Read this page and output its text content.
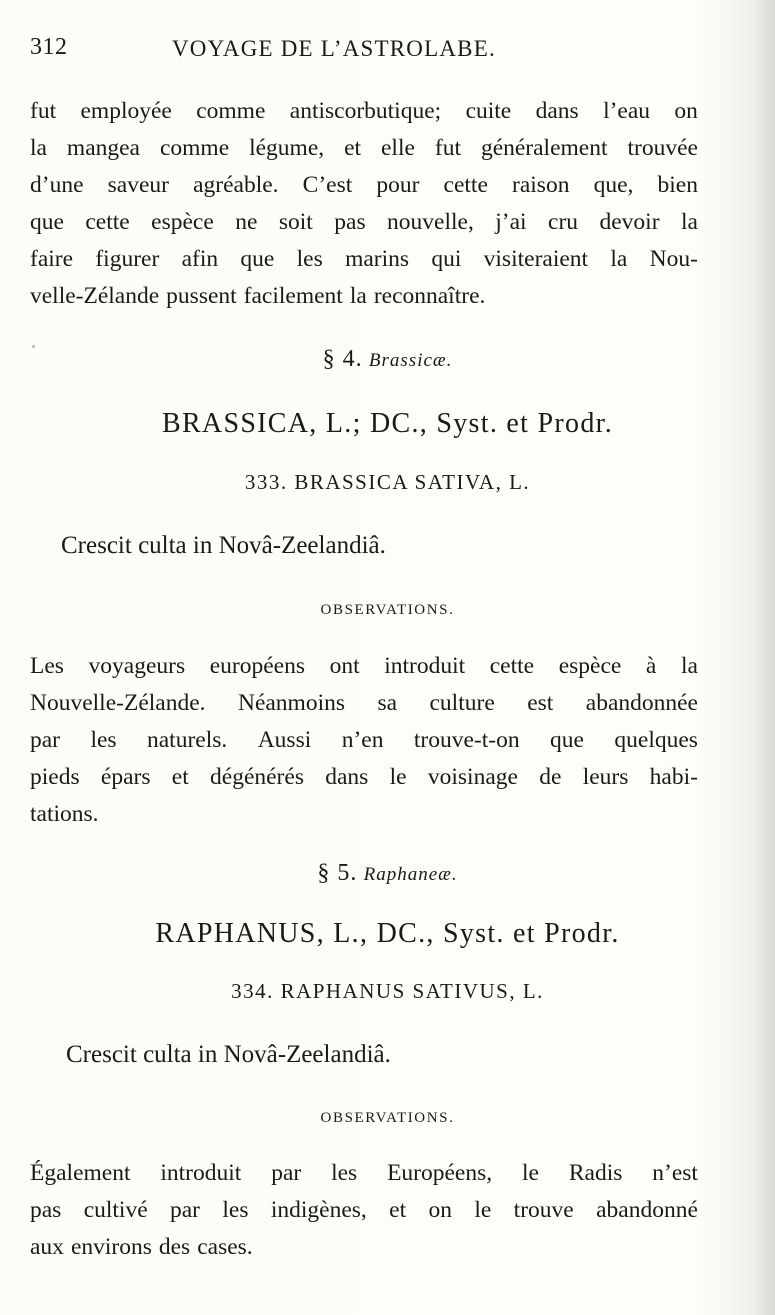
312	VOYAGE DE L’ASTROLABE.
fut employée comme antiscorbutique; cuite dans l’eau on
la mangea comme légume, et elle fut généralement trouvée
d’une saveur agréable. C’est pour cette raison que, bien
que cette espèce ne soit pas nouvelle, j’ai cru devoir la
faire figurer afin que les marins qui visiteraient la Nou-
velle-Zélande pussent facilement la reconnaître.
§ 4. Brassicæ.
BRASSICA, L.; DC., Syst. et Prodr.
333. BRASSICA SATIVA, L.
Crescit culta in Novâ-Zeelandiâ.
OBSERVATIONS.
Les voyageurs européens ont introduit cette espèce à la
Nouvelle-Zélande. Néanmoins sa culture est abandonnée
par les naturels. Aussi n’en trouve-t-on que quelques
pieds épars et dégénérés dans le voisinage de leurs habi-
tations.
§ 5. Raphaneæ.
RAPHANUS, L., DC., Syst. et Prodr.
334. RAPHANUS SATIVUS, L.
Crescit culta in Novâ-Zeelandiâ.
OBSERVATIONS.
Également introduit par les Européens, le Radis n’est
pas cultivé par les indigènes, et on le trouve abandonné
aux environs des cases.
